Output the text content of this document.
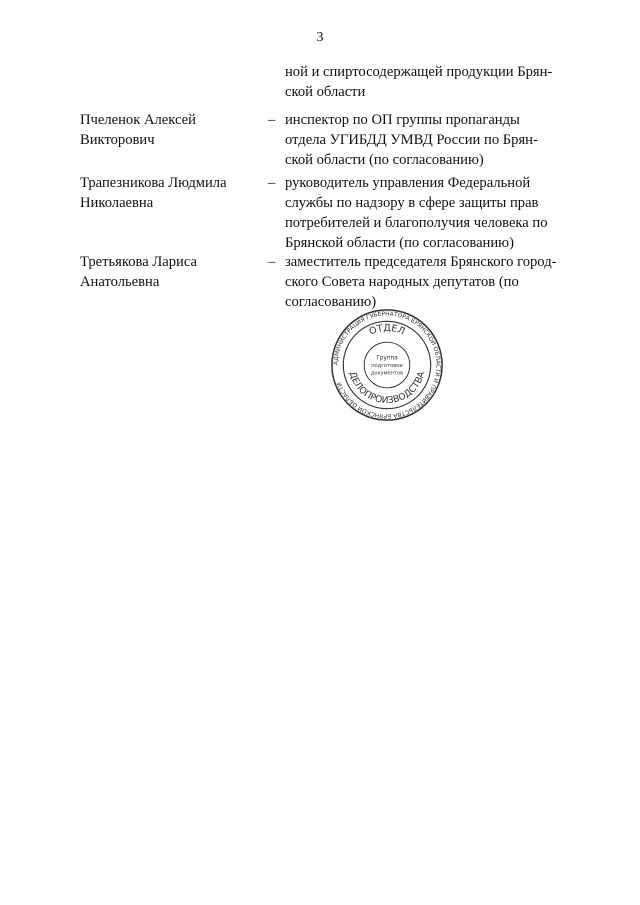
3
ной и спиртосодержащей продукции Брян-
ской области
Пчеленок Алексей
Викторович
– инспектор по ОП группы пропаганды
отдела УГИБДД УМВД России по Брян-
ской области (по согласованию)
Трапезникова Людмила
Николаевна
– руководитель управления Федеральной
службы по надзору в сфере защиты прав
потребителей и благополучия человека по
Брянской области (по согласованию)
Третьякова Лариса
Анатольевна
– заместитель председателя Брянского город-
ского Совета народных депутатов (по
согласованию)
АДМИНИСТРАЦИЯ ГУБЕРНАТОРА БРЯНСКОЙ ОБЛАСТИ И ПРАВИТЕЛЬСТВА БРЯНСКОЙ ОБЛАСТИ
ОТДЕЛ
ДЕЛОПРОИЗВОДСТВА
Группа
подготовки
документов
